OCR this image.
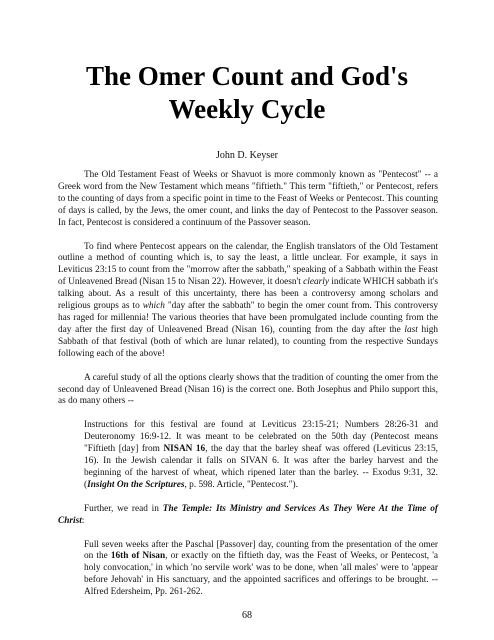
The Omer Count and God's
Weekly Cycle
John D. Keyser

The Old Testament Feast of Weeks or Shavuot is more commonly known as "Pentecost" -- a Greek word from the New Testament which means "fiftieth." This term "fiftieth," or Pentecost, refers to the counting of days from a specific point in time to the Feast of Weeks or Pentecost. This counting of days is called, by the Jews, the omer count, and links the day of Pentecost to the Passover season. In fact, Pentecost is considered a continuum of the Passover season.

To find where Pentecost appears on the calendar, the English translators of the Old Testament outline a method of counting which is, to say the least, a little unclear. For example, it says in Leviticus 23:15 to count from the "morrow after the sabbath," speaking of a Sabbath within the Feast of Unleavened Bread (Nisan 15 to Nisan 22). However, it doesn't clearly indicate WHICH sabbath it's talking about. As a result of this uncertainty, there has been a controversy among scholars and religious groups as to which "day after the sabbath" to begin the omer count from. This controversy has raged for millennia! The various theories that have been promulgated include counting from the day after the first day of Unleavened Bread (Nisan 16), counting from the day after the last high Sabbath of that festival (both of which are lunar related), to counting from the respective Sundays following each of the above!

A careful study of all the options clearly shows that the tradition of counting the omer from the second day of Unleavened Bread (Nisan 16) is the correct one. Both Josephus and Philo support this, as do many others --

Instructions for this festival are found at Leviticus 23:15-21; Numbers 28:26-31 and Deuteronomy 16:9-12. It was meant to be celebrated on the 50th day (Pentecost means "Fiftieth [day] from NISAN 16, the day that the barley sheaf was offered (Leviticus 23:15, 16). In the Jewish calendar it falls on SIVAN 6. It was after the barley harvest and the beginning of the harvest of wheat, which ripened later than the barley. -- Exodus 9:31, 32. (Insight On the Scriptures, p. 598. Article, "Pentecost.").

Further, we read in The Temple: Its Ministry and Services As They Were At the Time of Christ:

Full seven weeks after the Paschal [Passover] day, counting from the presentation of the omer on the 16th of Nisan, or exactly on the fiftieth day, was the Feast of Weeks, or Pentecost, 'a holy convocation,' in which 'no servile work' was to be done, when 'all males' were to 'appear before Jehovah' in His sanctuary, and the appointed sacrifices and offerings to be brought. -- Alfred Edersheim, Pp. 261-262.
68
